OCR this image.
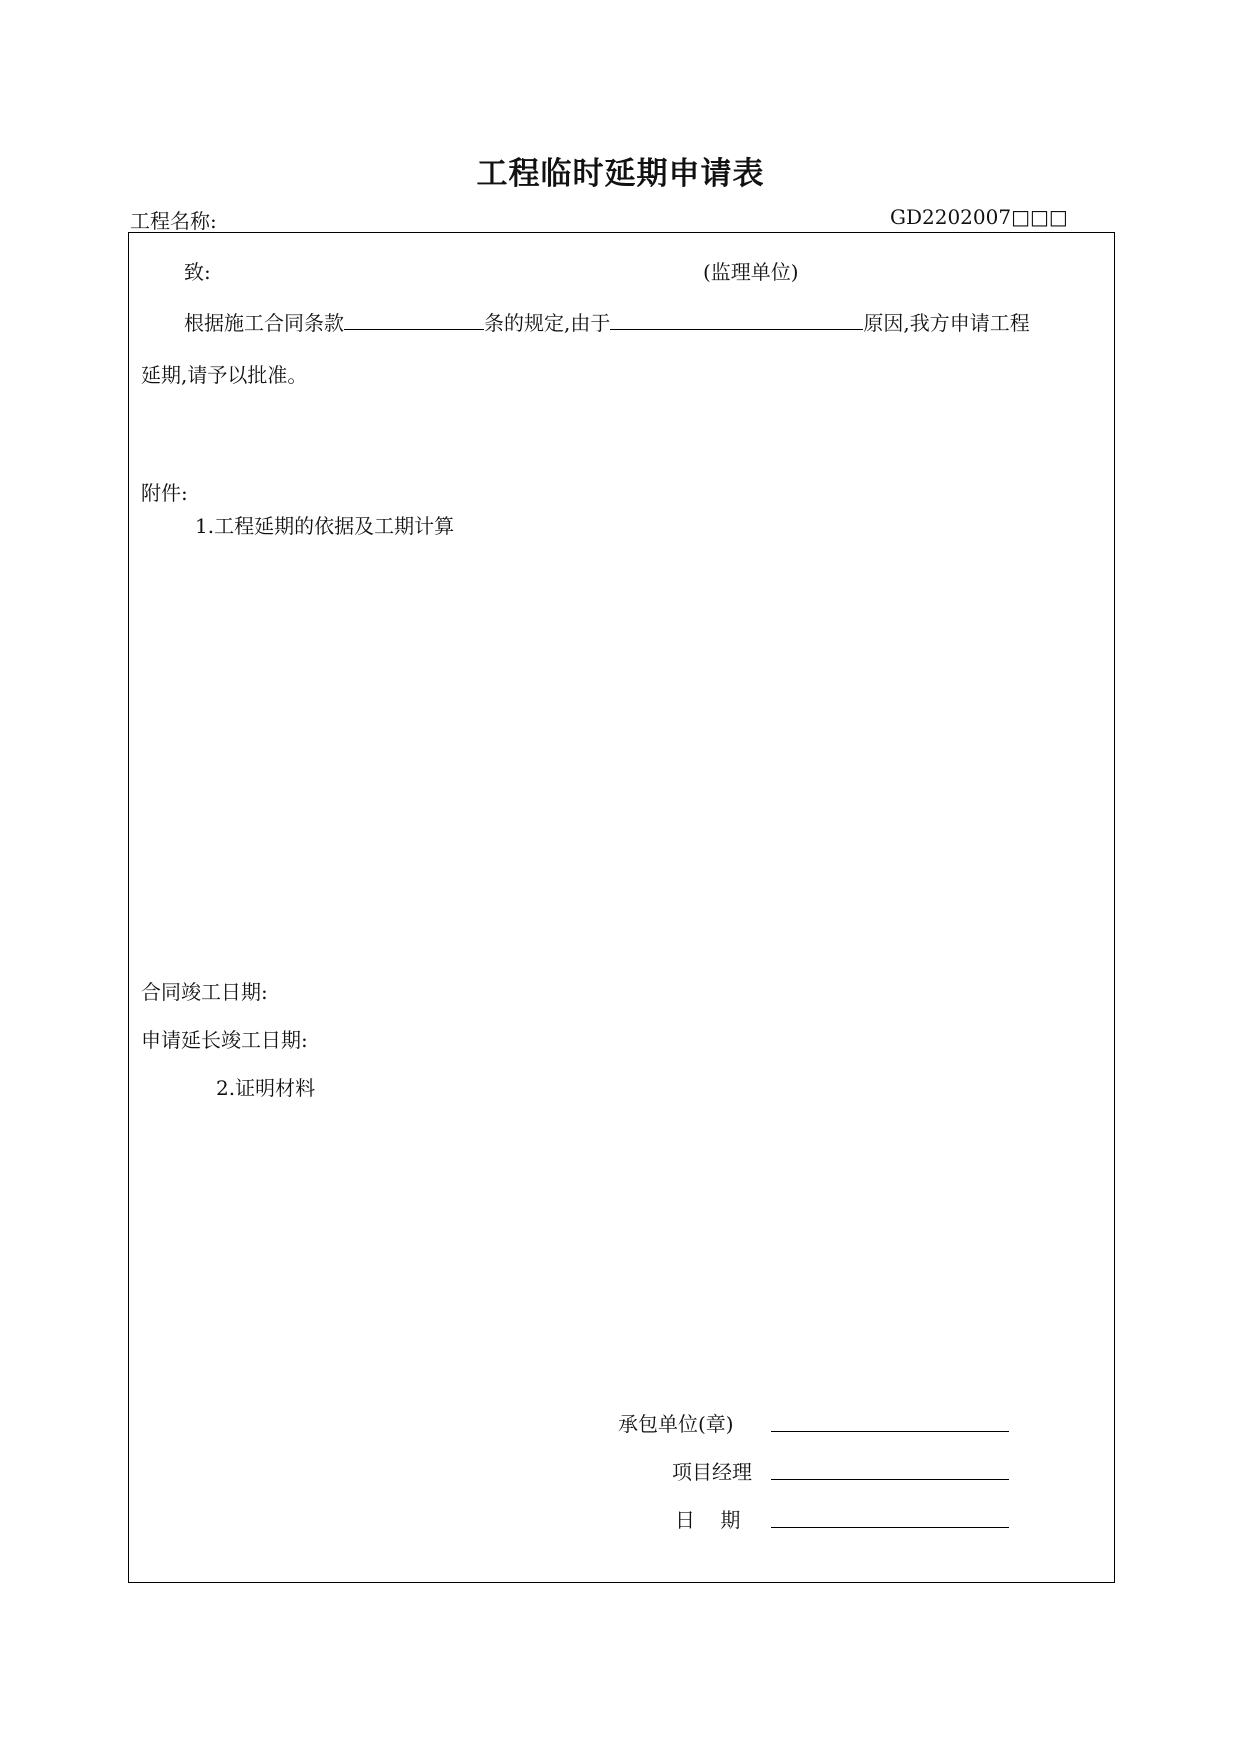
工程临时延期申请表
工程名称:	GD2202007□□□
致:	(监理单位)
根据施工合同条款	条的规定,由于	原因,我方申请工程
延期,请予以批准。
附件:
1.工程延期的依据及工期计算
合同竣工日期:
申请延长竣工日期:
2.证明材料
承包单位(章)
项目经理
日    期
